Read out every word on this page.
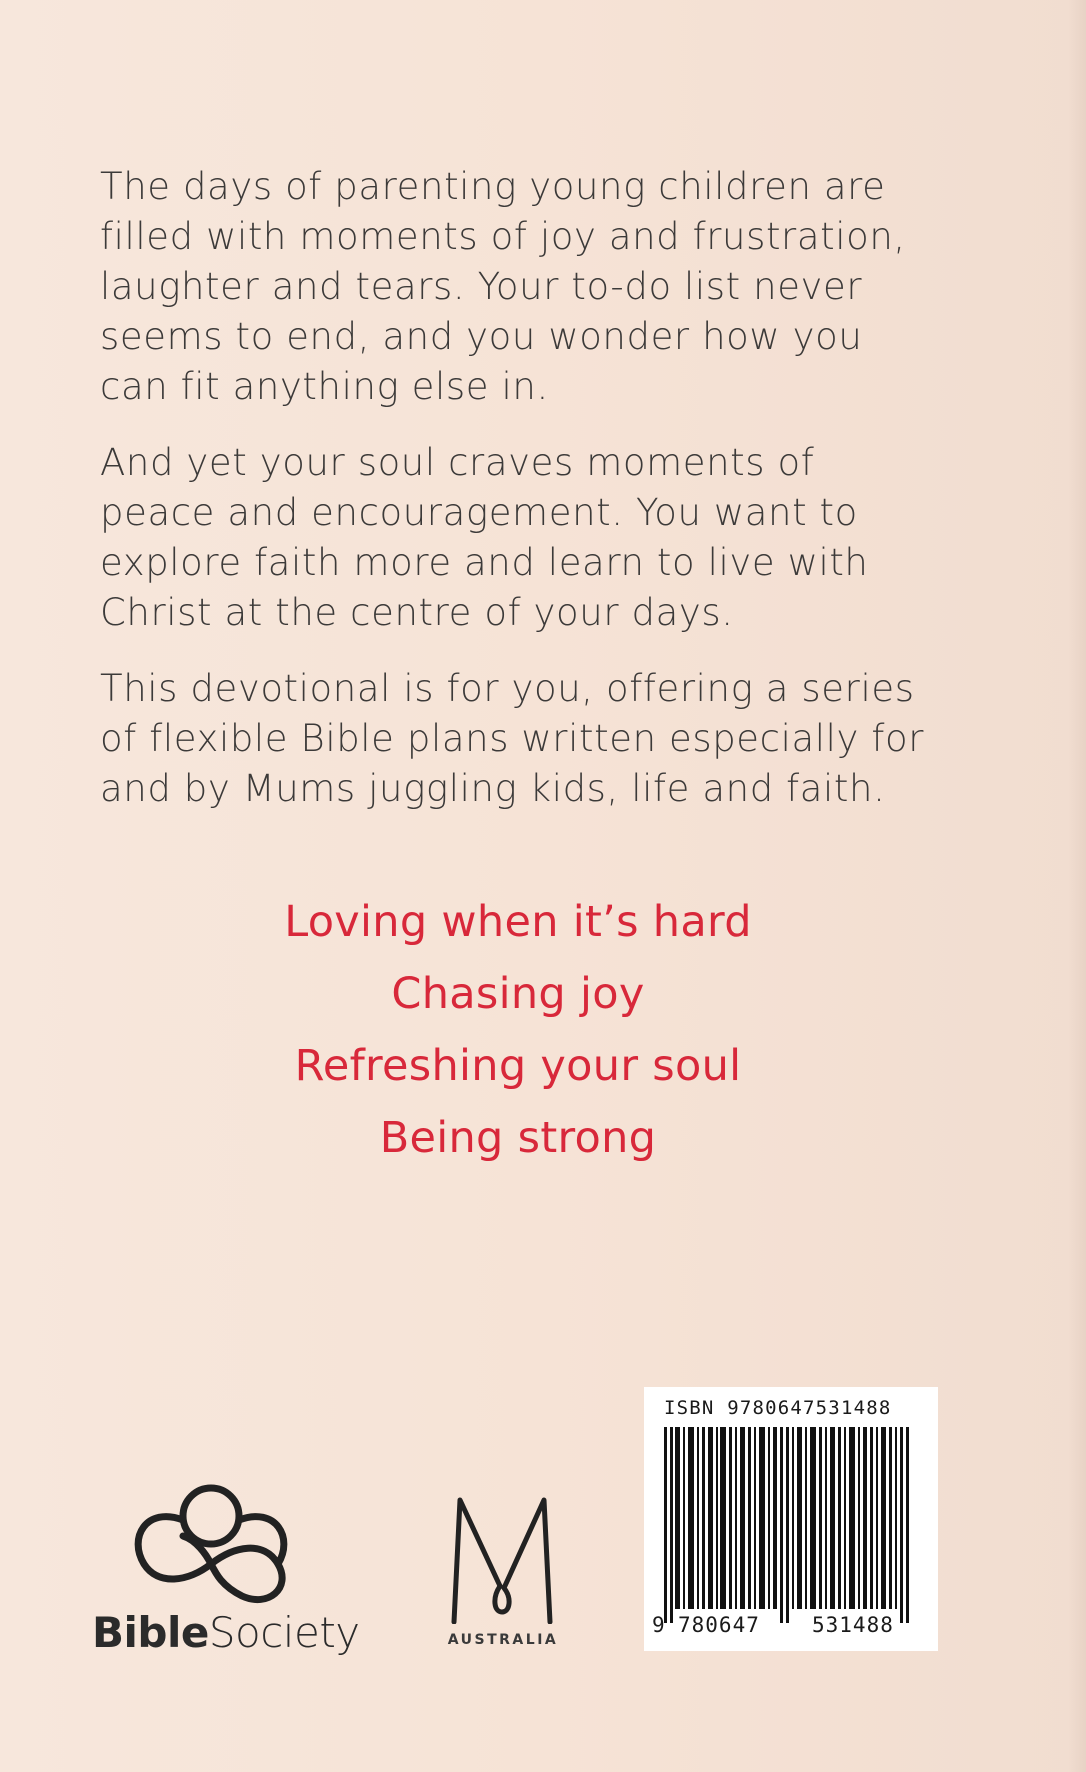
The days of parenting young children are filled with moments of joy and frustration, laughter and tears. Your to-do list never seems to end, and you wonder how you can fit anything else in.

And yet your soul craves moments of peace and encouragement. You want to explore faith more and learn to live with Christ at the centre of your days.

This devotional is for you, offering a series of flexible Bible plans written especially for and by Mums juggling kids, life and faith.

Loving when it’s hard
Chasing joy
Refreshing your soul
Being strong
BibleSociety	AUSTRALIA
ISBN 9780647531488
9 780647 531488
